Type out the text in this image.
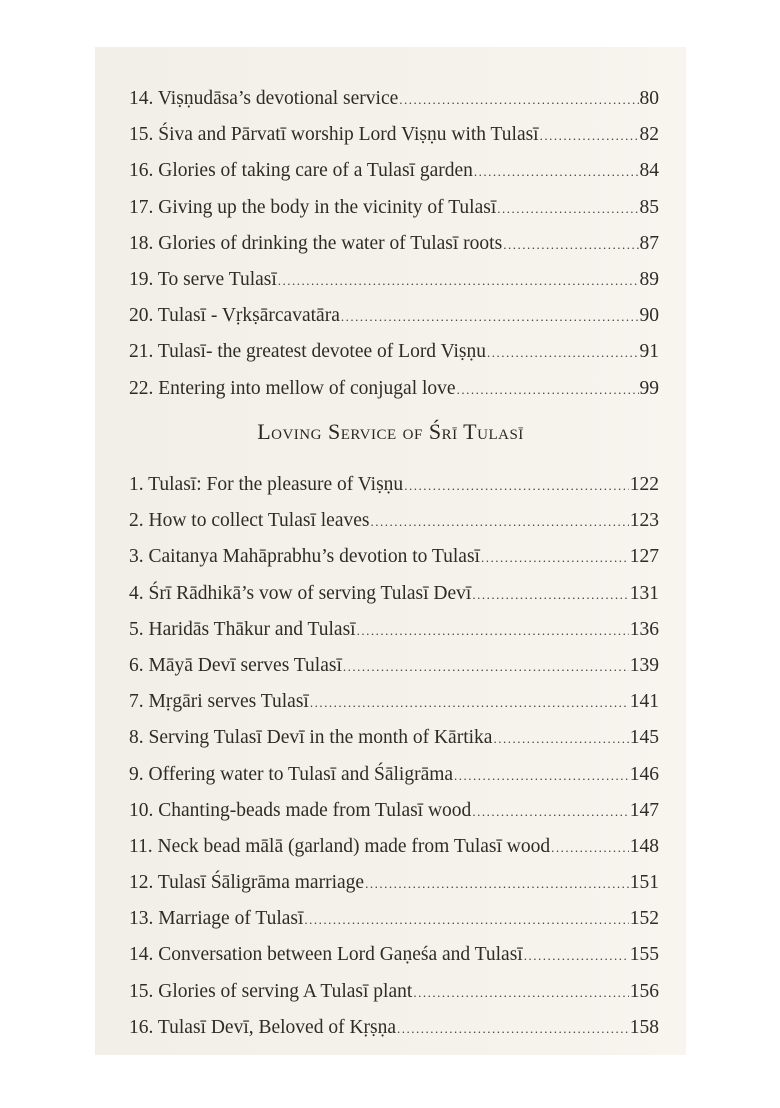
14. Viṣṇudāsa’s devotional service .....	80
15. Śiva and Pārvatī worship Lord Viṣṇu with Tulasī .....	82
16. Glories of taking care of a Tulasī garden .....	84
17. Giving up the body in the vicinity of Tulasī .....	85
18. Glories of drinking the water of Tulasī roots .....	87
19. To serve Tulasī .....	89
20. Tulasī - Vṛkṣārcavatāra .....	90
21. Tulasī- the greatest devotee of Lord Viṣṇu .....	91
22. Entering into mellow of conjugal love .....	99
Loving Service of Śrī Tulasī
1. Tulasī: For the pleasure of Viṣṇu .....	122
2. How to collect Tulasī leaves .....	123
3. Caitanya Mahāprabhu’s devotion to Tulasī .....	127
4. Śrī Rādhikā’s vow of serving Tulasī Devī .....	131
5. Haridās Thākur and Tulasī .....	136
6. Māyā Devī serves Tulasī .....	139
7. Mṛgāri serves Tulasī .....	141
8. Serving Tulasī Devī in the month of Kārtika .....	145
9. Offering water to Tulasī and Śāligrāma .....	146
10. Chanting-beads made from Tulasī wood .....	147
11. Neck bead mālā (garland) made from Tulasī wood .....	148
12. Tulasī Śāligrāma marriage .....	151
13. Marriage of Tulasī .....	152
14. Conversation between Lord Gaṇeśa and Tulasī .....	155
15. Glories of serving A Tulasī plant .....	156
16. Tulasī Devī, Beloved of Kṛṣṇa .....	158
